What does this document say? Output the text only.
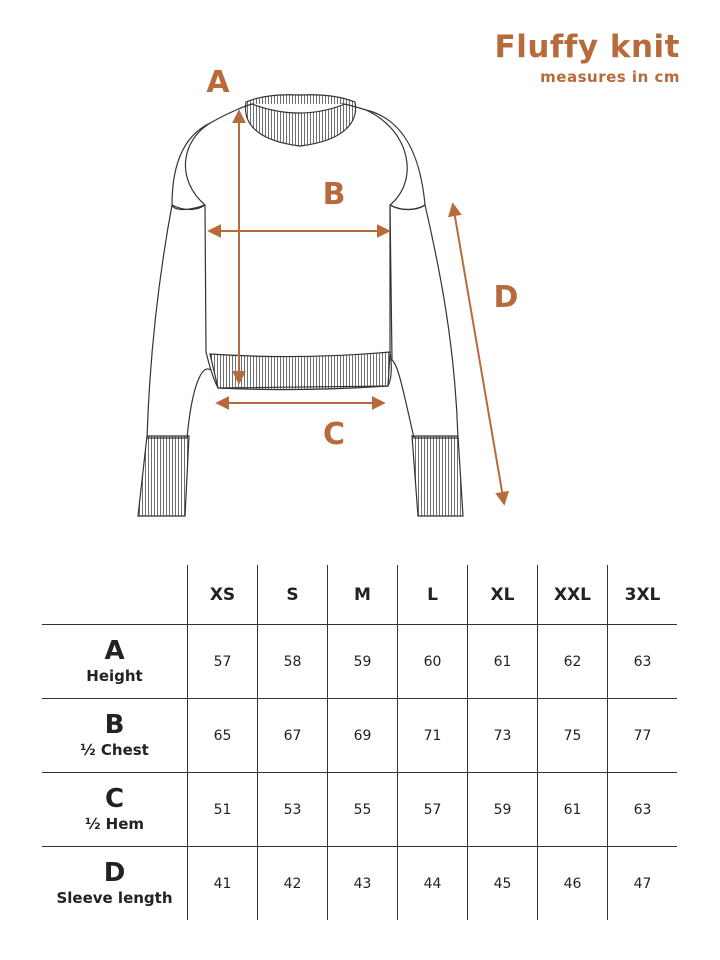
Fluffy knit
measures in cm
A
B
C
D
	XS	S	M	L	XL	XXL	3XL

A
Height	57	58	59	60	61	62	63

B
½ Chest	65	67	69	71	73	75	77

C
½ Hem	51	53	55	57	59	61	63

D
Sleeve length	41	42	43	44	45	46	47
